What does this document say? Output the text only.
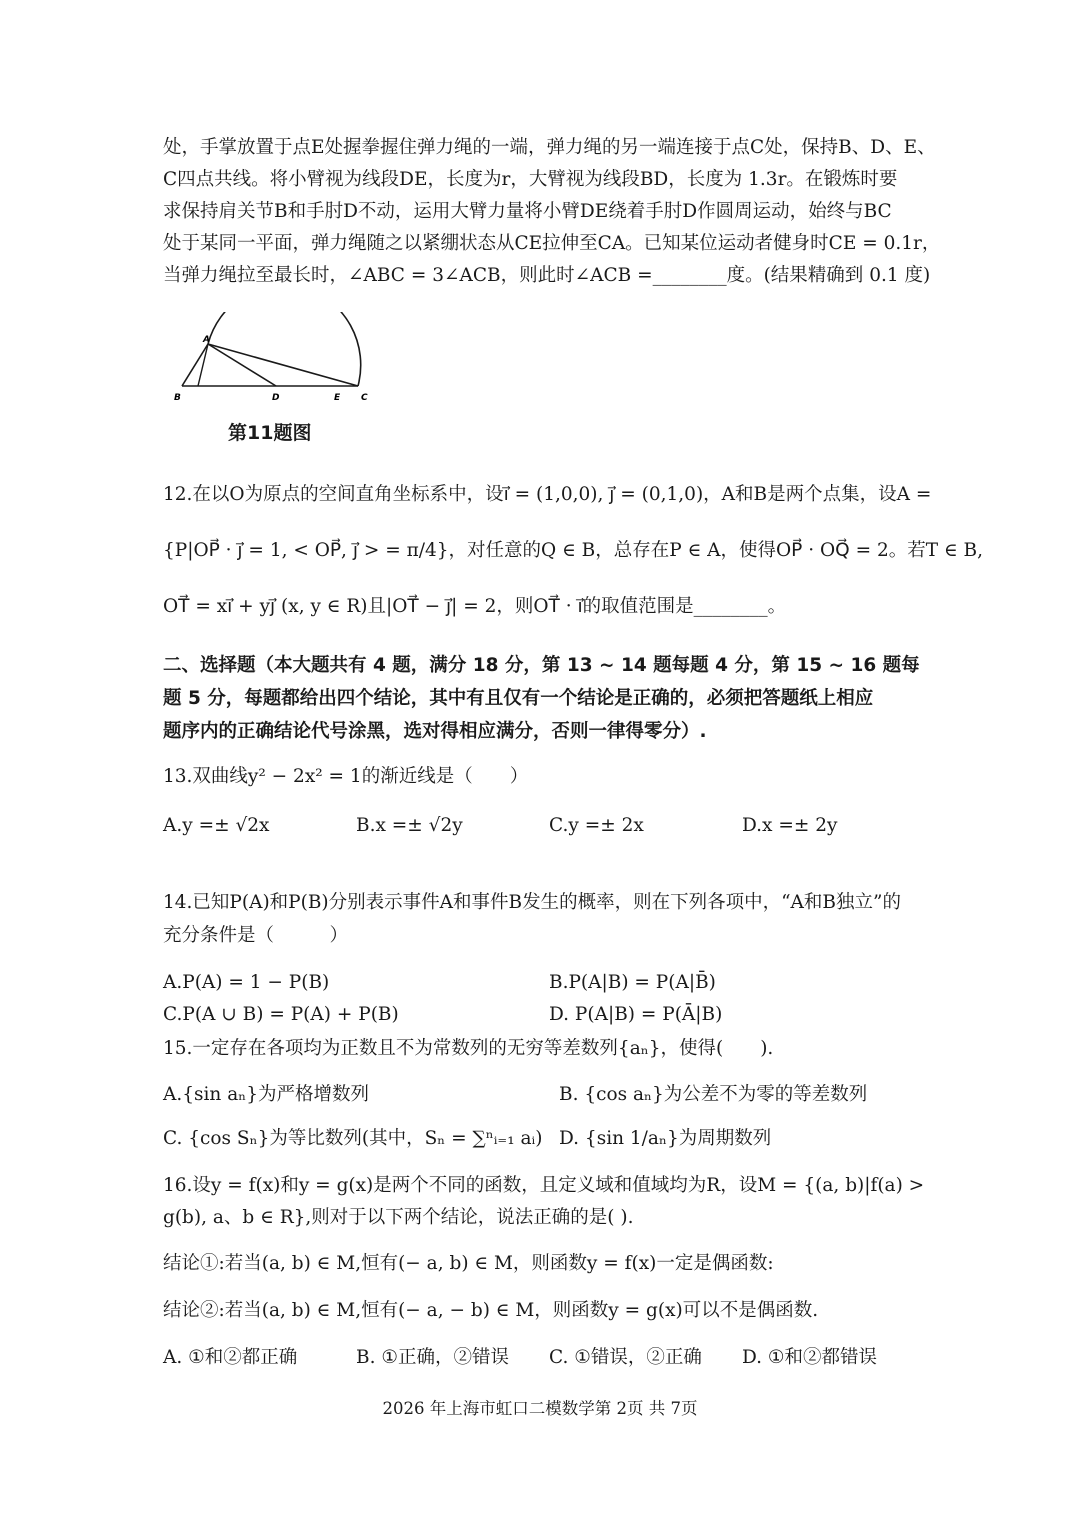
处，手掌放置于点E处握拳握住弹力绳的一端，弹力绳的另一端连接于点C处，保持B、D、E、
C四点共线。将小臂视为线段DE，长度为r，大臂视为线段BD，长度为 1.3r。在锻炼时要
求保持肩关节B和手肘D不动，运用大臂力量将小臂DE绕着手肘D作圆周运动，始终与BC
处于某同一平面，弹力绳随之以紧绷状态从CE拉伸至CA。已知某位运动者健身时CE = 0.1r，
当弹力绳拉至最长时，∠ABC = 3∠ACB，则此时∠ACB =________度。(结果精确到 0.1 度)
A
B	D	E C
第11题图
12.在以O为原点的空间直角坐标系中，设i⃗ = (1,0,0), j⃗ = (0,1,0)，A和B是两个点集，设A =
{P|OP⃗ · j⃗ = 1, < OP⃗, j⃗ > = π/4}，对任意的Q ∈ B，总存在P ∈ A，使得OP⃗ · OQ⃗ = 2。若T ∈ B,
OT⃗ = xi⃗ + yj⃗ (x, y ∈ R)且|OT⃗ − j⃗| = 2，则OT⃗ · i⃗的取值范围是________。
二、选择题（本大题共有 4 题，满分 18 分，第 13 ~ 14 题每题 4 分，第 15 ~ 16 题每
题 5 分，每题都给出四个结论，其中有且仅有一个结论是正确的，必须把答题纸上相应
题序内的正确结论代号涂黑，选对得相应满分，否则一律得零分）.
13.双曲线y² − 2x² = 1的渐近线是（　　）
A.y =± √2x	B.x =± √2y	C.y =± 2x	D.x =± 2y
14.已知P(A)和P(B)分别表示事件A和事件B发生的概率，则在下列各项中，“A和B独立”的
充分条件是（　　　）
A.P(A) = 1 − P(B)	B.P(A|B) = P(A|B̄)
C.P(A ∪ B) = P(A) + P(B)	D. P(A|B) = P(Ā|B)
15.一定存在各项均为正数且不为常数列的无穷等差数列{aₙ}，使得(　　).
A.{sin aₙ}为严格增数列	B. {cos aₙ}为公差不为零的等差数列
C. {cos Sₙ}为等比数列(其中，Sₙ = ∑ⁿᵢ₌₁ aᵢ) D. {sin 1/aₙ}为周期数列
16.设y = f(x)和y = g(x)是两个不同的函数，且定义域和值域均为R，设M = {(a, b)|f(a) >
g(b), a、b ∈ R},则对于以下两个结论，说法正确的是( ).
结论①:若当(a, b) ∈ M,恒有(− a, b) ∈ M，则函数y = f(x)一定是偶函数:
结论②:若当(a, b) ∈ M,恒有(− a, − b) ∈ M，则函数y = g(x)可以不是偶函数.
A. ①和②都正确	B. ①正确，②错误 C. ①错误，②正确 D. ①和②都错误
2026 年上海市虹口二模数学第 2页 共 7页
